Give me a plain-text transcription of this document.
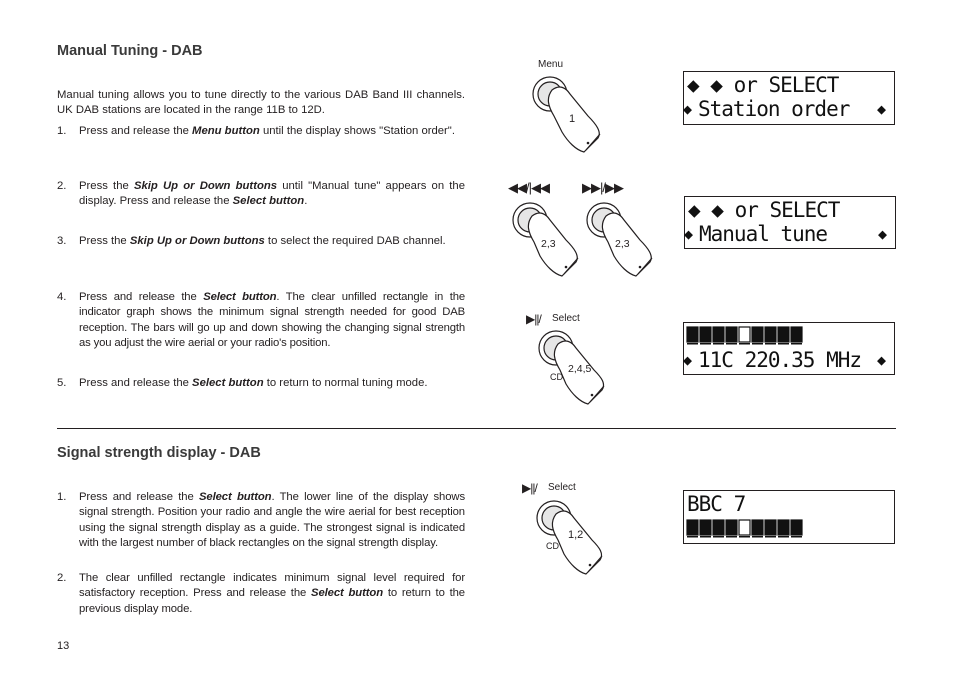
Manual Tuning - DAB
Manual tuning allows you to tune directly to the various DAB Band III channels. UK DAB stations are located in the range 11B to 12D.
1.	Press and release the Menu button until the display shows "Station order".
2.	Press the Skip Up or Down buttons until "Manual tune" appears on the display. Press and release the Select button.
3.	Press the Skip Up or Down buttons to select the required DAB channel.
4.	Press and release the Select button. The clear unfilled rectangle in the indicator graph shows the minimum signal strength needed for good DAB reception. The bars will go up and down showing the changing signal strength as you adjust the wire aerial or your radio's position.
5.	Press and release the Select button to return to normal tuning mode.
Signal strength display - DAB
1.	Press and release the Select button. The lower line of the display shows signal strength. Position your radio and angle the wire aerial for best reception using the signal strength display as a guide. The strongest signal is indicated with the largest number of black rectangles on the signal strength display.
2.	The clear unfilled rectangle indicates minimum signal level required for satisfactory reception. Press and release the Select button to return to the previous display mode.
13
Menu
1
◀◀/|◀◀	▶▶|/▶▶
2,3	2,3
▶||/ Select
CD
2,4,5
▶||/ Select
CD
1,2
◆ ◆ or SELECT
◆ Station order ◆
◆ ◆ or SELECT
◆ Manual tune	◆
◆ 11C 220.35 MHz ◆
BBC 7
